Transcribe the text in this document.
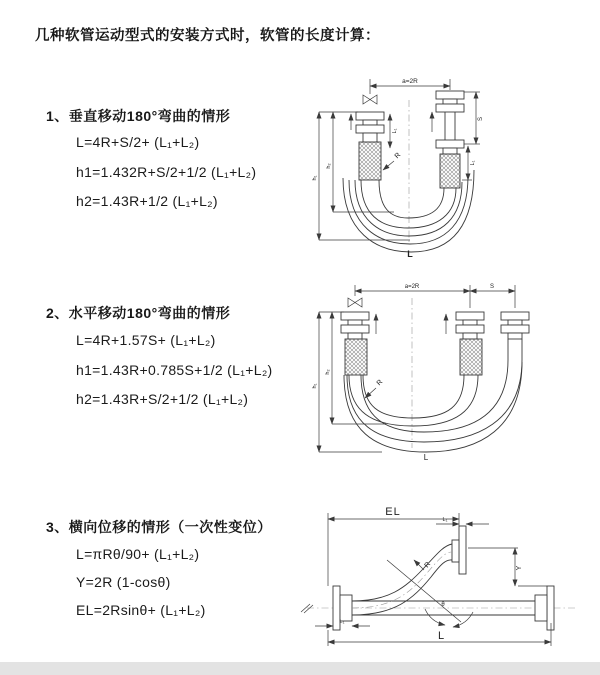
几种软管运动型式的安装方式时，软管的长度计算：
1、垂直移动180°弯曲的情形
L=4R+S/2+ (L₁+L₂)
h1=1.432R+S/2+1/2 (L₁+L₂)
h2=1.43R+1/2 (L₁+L₂)
2、水平移动180°弯曲的情形
L=4R+1.57S+ (L₁+L₂)
h1=1.43R+0.785S+1/2 (L₁+L₂)
h2=1.43R+S/2+1/2 (L₁+L₂)
3、横向位移的情形（一次性变位）
L=πRθ/90+ (L₁+L₂)
Y=2R (1-cosθ)
EL=2Rsinθ+ (L₁+L₂)
a=2R
L₁
S
L₁
h₁
h₂
R
L
a=2R	S
h₁
h₂
R
L
EL
L₁
Y
R
θ
L₁
L
